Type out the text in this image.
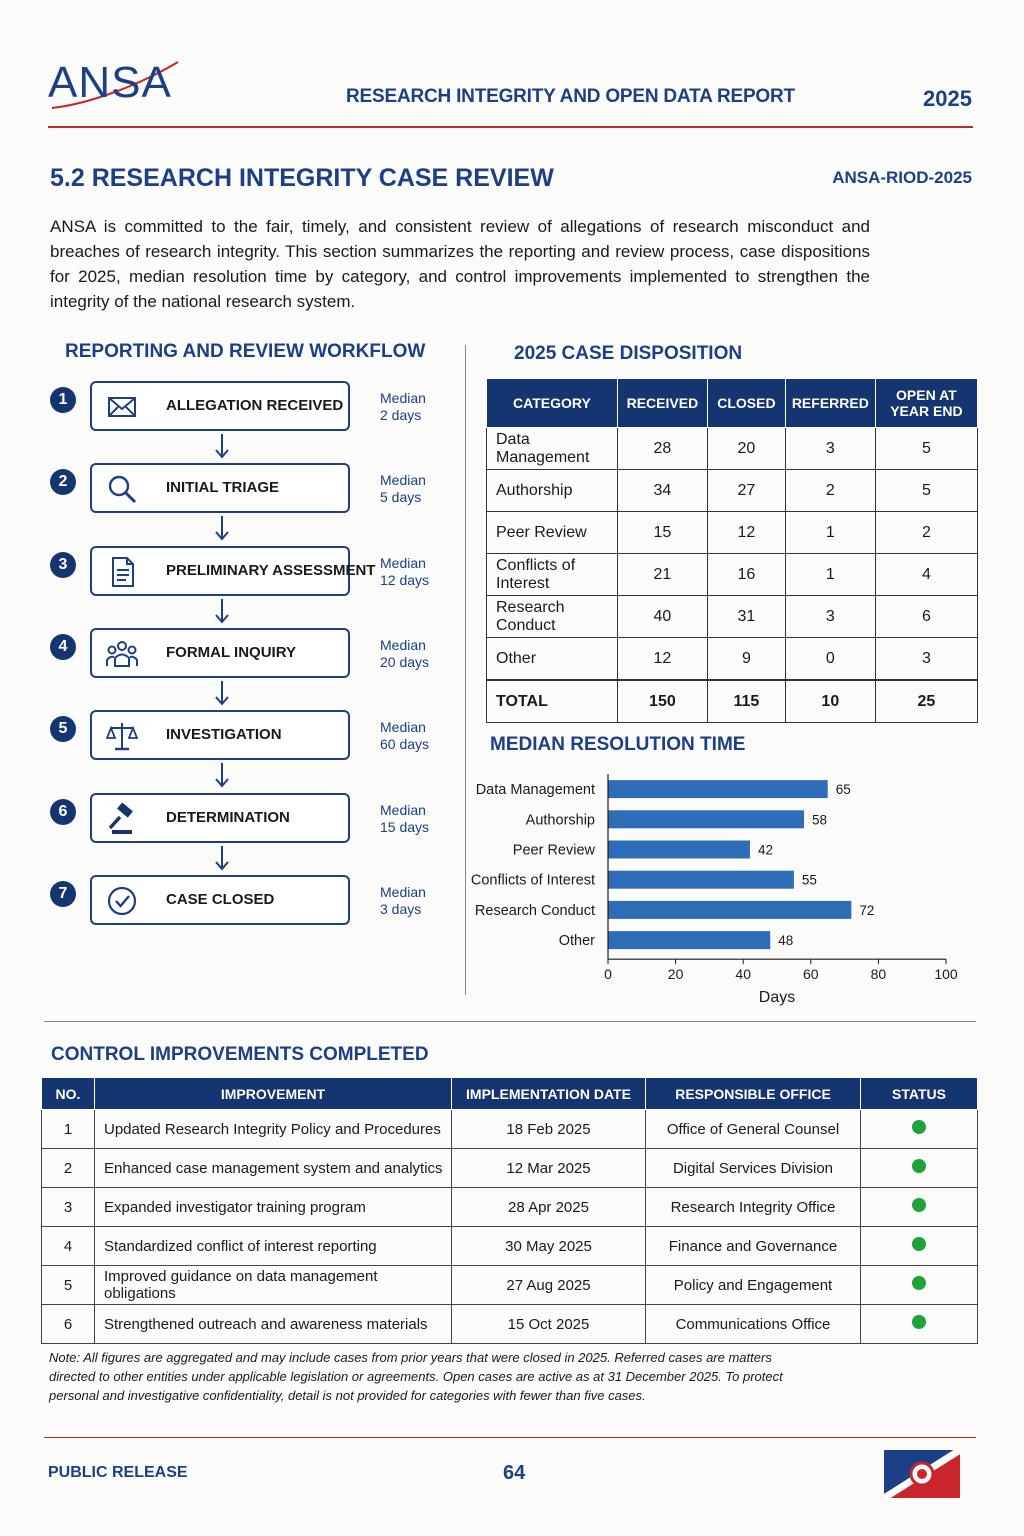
ANSA	RESEARCH INTEGRITY AND OPEN DATA REPORT	2025
5.2 RESEARCH INTEGRITY CASE REVIEW	ANSA-RIOD-2025
ANSA is committed to the fair, timely, and consistent review of allegations of research misconduct and breaches of research integrity. This section summarizes the reporting and review process, case dispositions for 2025, median resolution time by category, and control improvements implemented to strengthen the integrity of the national research system.
REPORTING AND REVIEW WORKFLOW
1	ALLEGATION RECEIVED	Median
2 days
2	INITIAL TRIAGE	Median
5 days
3	PRELIMINARY ASSESSMENT Median
12 days
4	FORMAL INQUIRY	Median
20 days
5	INVESTIGATION	Median
60 days
6	DETERMINATION	Median
15 days
7	CASE CLOSED	Median
3 days
2025 CASE DISPOSITION
CATEGORY	RECEIVED	CLOSED	REFERRED	OPEN AT YEAR END
Data Management	28	20	3	5
Authorship	34	27	2	5
Peer Review	15	12	1	2
Conflicts of Interest	21	16	1	4
Research Conduct	40	31	3	6
Other	12	9	0	3
TOTAL	150	115	10	25
MEDIAN RESOLUTION TIME
Data Management	65
Authorship	58
Peer Review	42
Conflicts of Interest	55
Research Conduct	72
Other	48
0	20	40	60	80	100
Days
CONTROL IMPROVEMENTS COMPLETED
NO.	IMPROVEMENT	IMPLEMENTATION DATE	RESPONSIBLE OFFICE	STATUS
1	Updated Research Integrity Policy and Procedures	18 Feb 2025	Office of General Counsel	
2	Enhanced case management system and analytics	12 Mar 2025	Digital Services Division	
3	Expanded investigator training program	28 Apr 2025	Research Integrity Office	
4	Standardized conflict of interest reporting	30 May 2025	Finance and Governance	
5	Improved guidance on data management obligations	27 Aug 2025	Policy and Engagement	
6	Strengthened outreach and awareness materials	15 Oct 2025	Communications Office	
Note: All figures are aggregated and may include cases from prior years that were closed in 2025. Referred cases are matters directed to other entities under applicable legislation or agreements. Open cases are active as at 31 December 2025. To protect personal and investigative confidentiality, detail is not provided for categories with fewer than five cases.
PUBLIC RELEASE	64
